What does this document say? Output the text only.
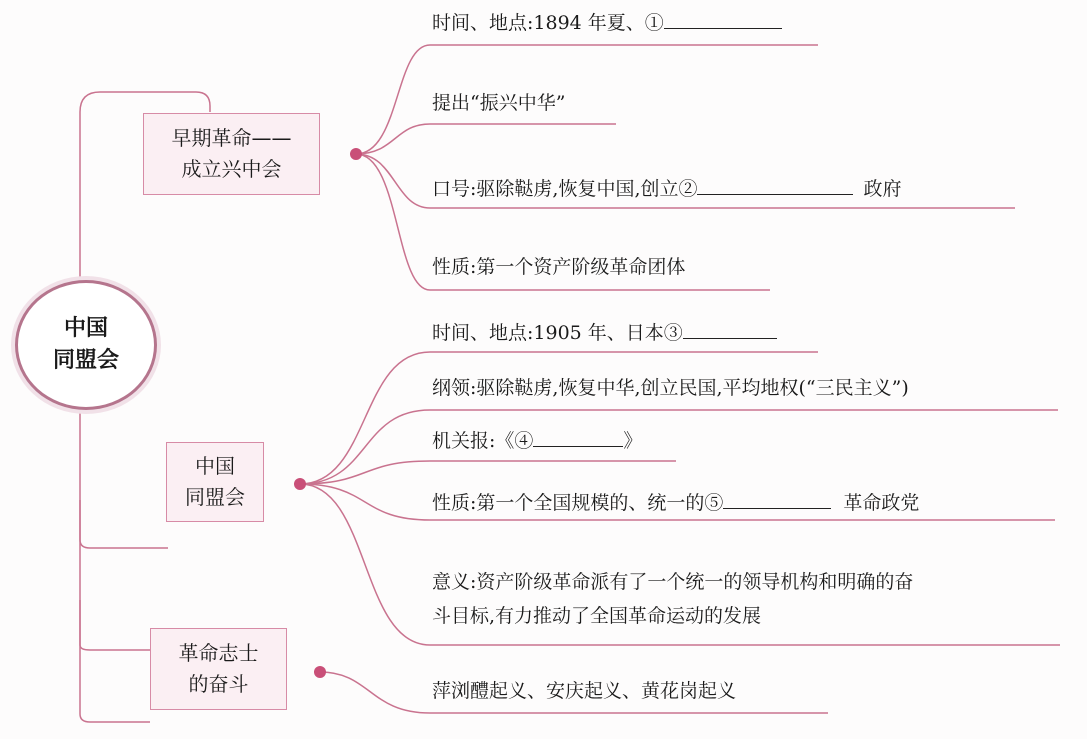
中国
同盟会
早期革命——
成立兴中会
中国
同盟会
革命志士
的奋斗
时间、地点:1894 年夏、①
提出“振兴中华”
口号:驱除鞑虏,恢复中国,创立②	政府
性质:第一个资产阶级革命团体
时间、地点:1905 年、日本③
纲领:驱除鞑虏,恢复中华,创立民国,平均地权(“三民主义”)
机关报:《④	》
性质:第一个全国规模的、统一的⑤	革命政党
意义:资产阶级革命派有了一个统一的领导机构和明确的奋
斗目标,有力推动了全国革命运动的发展
萍浏醴起义、安庆起义、黄花岗起义
